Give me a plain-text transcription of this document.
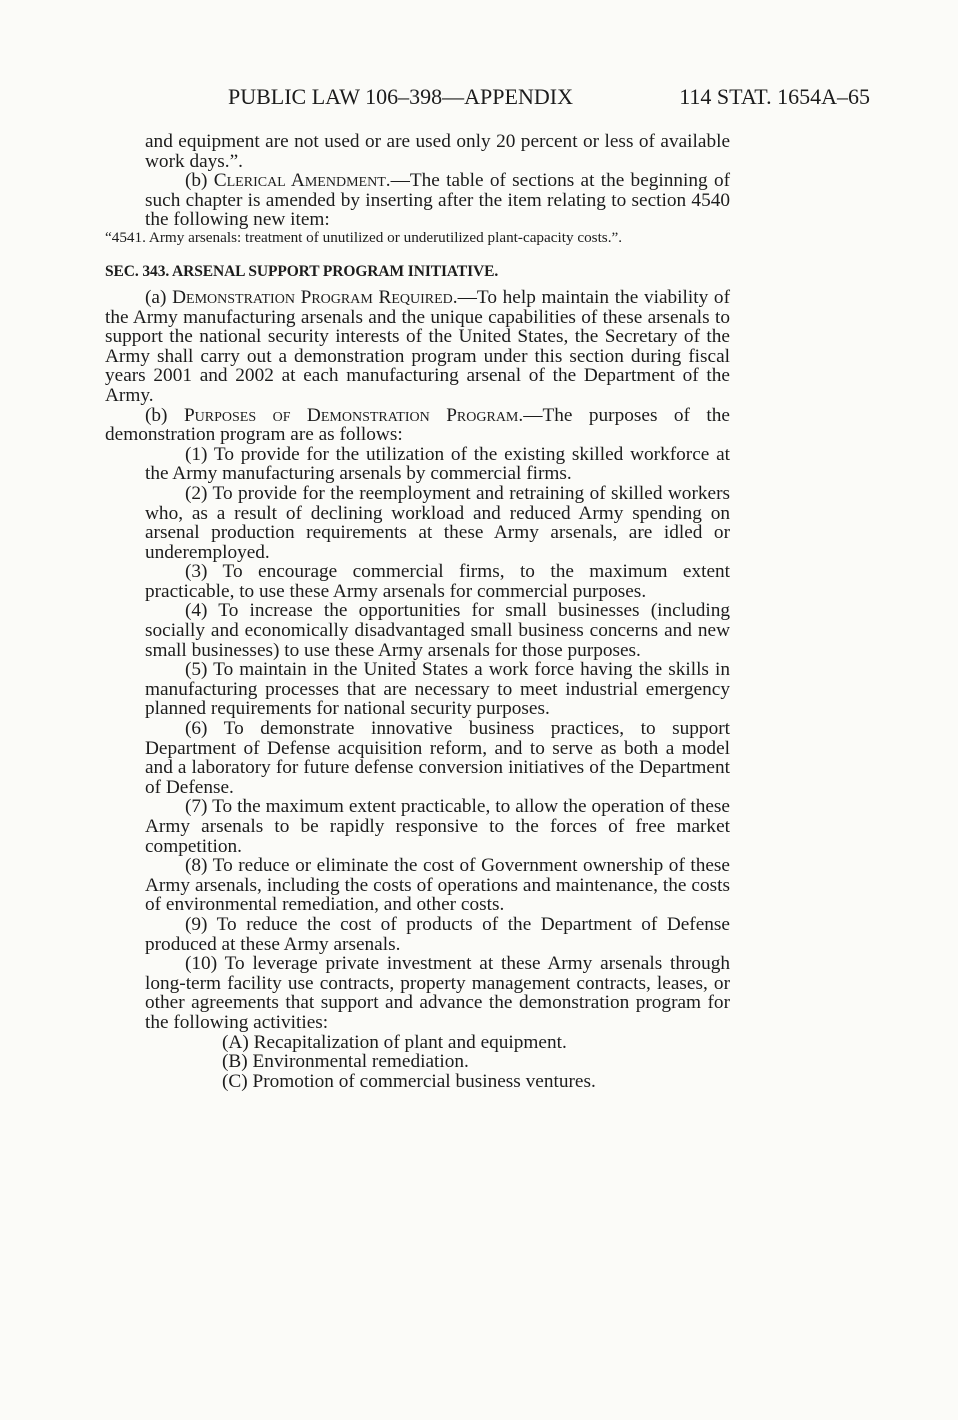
PUBLIC LAW 106–398—APPENDIX	114 STAT. 1654A–65

and equipment are not used or are used only 20 percent or less of available work days.”.

(b) Clerical Amendment.—The table of sections at the beginning of such chapter is amended by inserting after the item relating to section 4540 the following new item:

“4541. Army arsenals: treatment of unutilized or underutilized plant-capacity costs.”.

SEC. 343. ARSENAL SUPPORT PROGRAM INITIATIVE.

(a) Demonstration Program Required.—To help maintain the viability of the Army manufacturing arsenals and the unique capabilities of these arsenals to support the national security interests of the United States, the Secretary of the Army shall carry out a demonstration program under this section during fiscal years 2001 and 2002 at each manufacturing arsenal of the Department of the Army.

(b) Purposes of Demonstration Program.—The purposes of the demonstration program are as follows:

(1) To provide for the utilization of the existing skilled workforce at the Army manufacturing arsenals by commercial firms.

(2) To provide for the reemployment and retraining of skilled workers who, as a result of declining workload and reduced Army spending on arsenal production requirements at these Army arsenals, are idled or underemployed.

(3) To encourage commercial firms, to the maximum extent practicable, to use these Army arsenals for commercial purposes.

(4) To increase the opportunities for small businesses (including socially and economically disadvantaged small business concerns and new small businesses) to use these Army arsenals for those purposes.

(5) To maintain in the United States a work force having the skills in manufacturing processes that are necessary to meet industrial emergency planned requirements for national security purposes.

(6) To demonstrate innovative business practices, to support Department of Defense acquisition reform, and to serve as both a model and a laboratory for future defense conversion initiatives of the Department of Defense.

(7) To the maximum extent practicable, to allow the operation of these Army arsenals to be rapidly responsive to the forces of free market competition.

(8) To reduce or eliminate the cost of Government ownership of these Army arsenals, including the costs of operations and maintenance, the costs of environmental remediation, and other costs.

(9) To reduce the cost of products of the Department of Defense produced at these Army arsenals.

(10) To leverage private investment at these Army arsenals through long-term facility use contracts, property management contracts, leases, or other agreements that support and advance the demonstration program for the following activities:

(A) Recapitalization of plant and equipment.

(B) Environmental remediation.

(C) Promotion of commercial business ventures.
